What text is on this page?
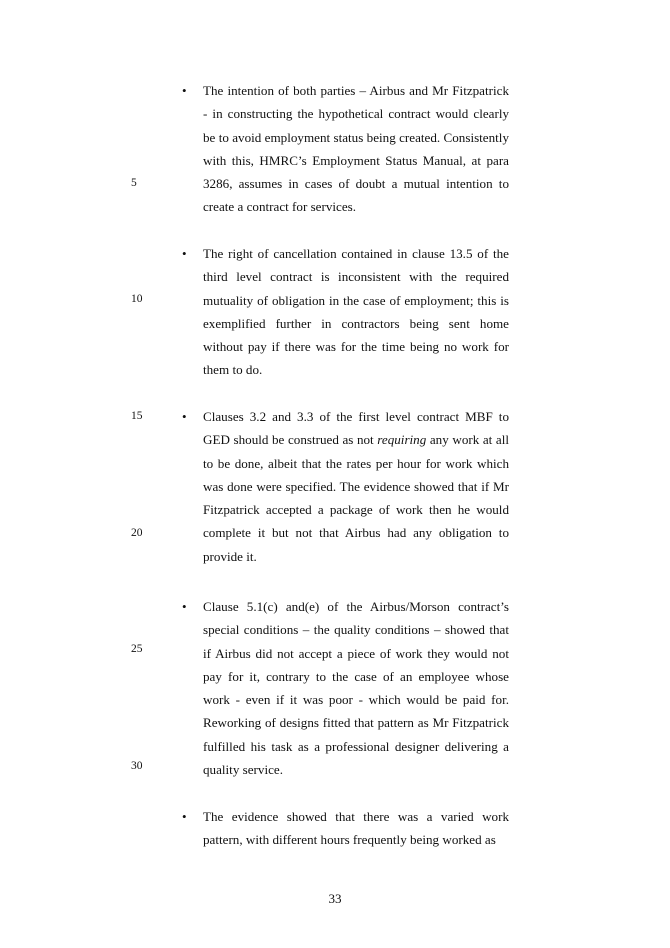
5
10
15
20
25
30
• The intention of both parties – Airbus and Mr Fitzpatrick - in constructing the hypothetical contract would clearly be to avoid employment status being created. Consistently with this, HMRC’s Employment Status Manual, at para 3286, assumes in cases of doubt a mutual intention to create a contract for services.
• The right of cancellation contained in clause 13.5 of the third level contract is inconsistent with the required mutuality of obligation in the case of employment; this is exemplified further in contractors being sent home without pay if there was for the time being no work for them to do.
• Clauses 3.2 and 3.3 of the first level contract MBF to GED should be construed as not requiring any work at all to be done, albeit that the rates per hour for work which was done were specified. The evidence showed that if Mr Fitzpatrick accepted a package of work then he would complete it but not that Airbus had any obligation to provide it.
• Clause 5.1(c) and(e) of the Airbus/Morson contract’s special conditions – the quality conditions – showed that if Airbus did not accept a piece of work they would not pay for it, contrary to the case of an employee whose work - even if it was poor - which would be paid for. Reworking of designs fitted that pattern as Mr Fitzpatrick fulfilled his task as a professional designer delivering a quality service.
• The evidence showed that there was a varied work pattern, with different hours frequently being worked as
33
